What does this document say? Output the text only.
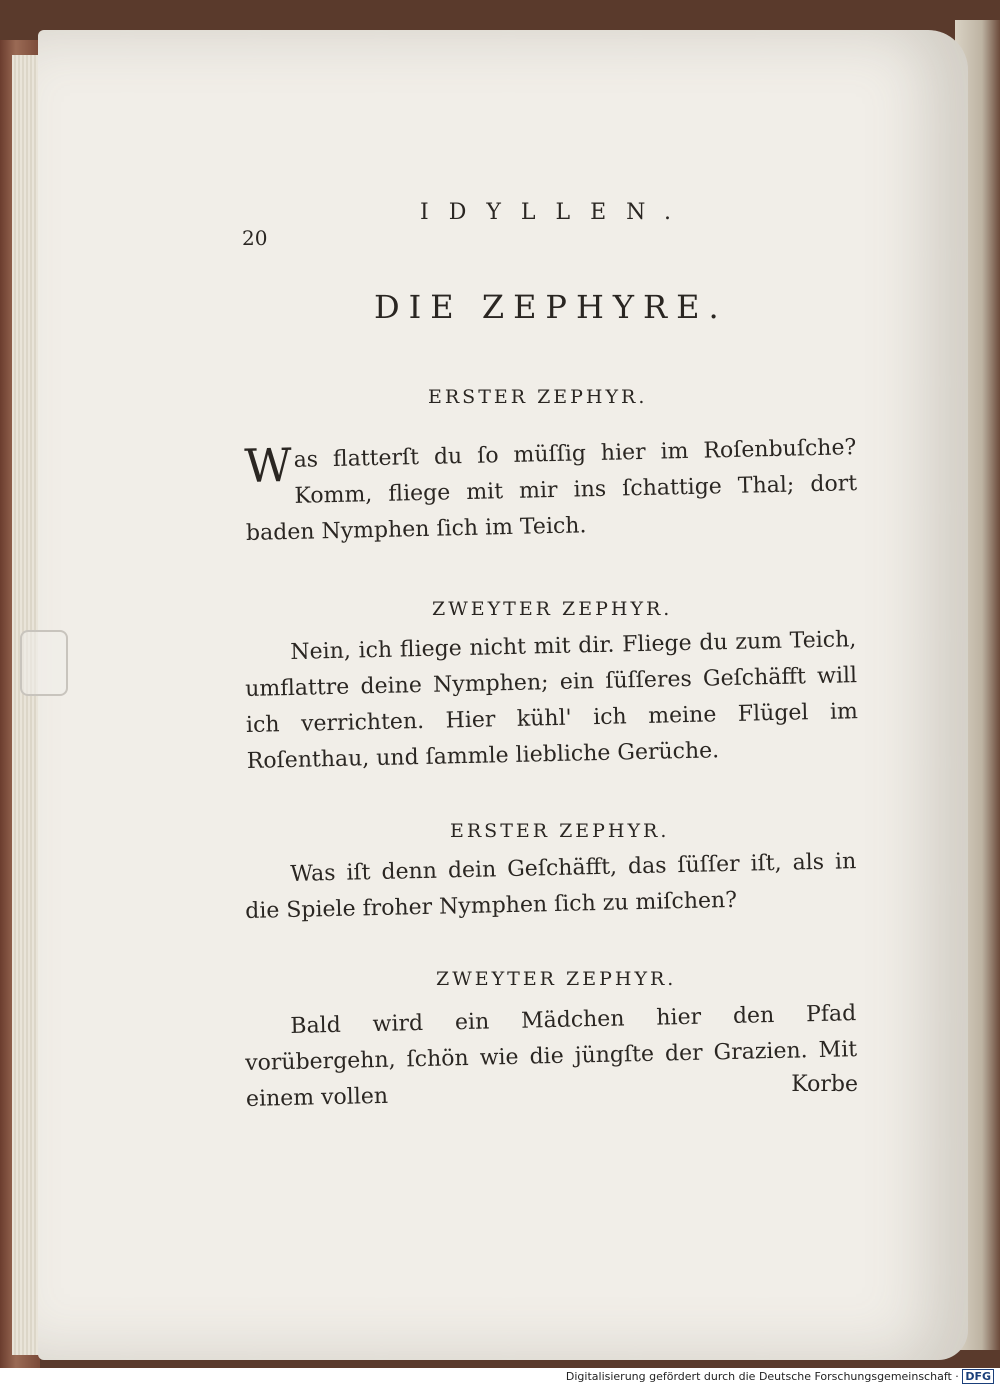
20
IDYLLEN.
DIE ZEPHYRE.
ERSTER ZEPHYR.
Was flatterſt du ſo müſſig hier im Roſenbuſche? Komm, fliege mit mir ins ſchattige Thal; dort baden Nymphen ſich im Teich.
ZWEYTER ZEPHYR.
Nein, ich fliege nicht mit dir. Fliege du zum Teich, umflattre deine Nymphen; ein ſüſſeres Geſchäfft will ich verrichten. Hier kühl' ich meine Flügel im Roſenthau, und ſammle liebliche Gerüche.
ERSTER ZEPHYR.
Was iſt denn dein Geſchäfft, das ſüſſer iſt, als in die Spiele froher Nymphen ſich zu miſchen?
ZWEYTER ZEPHYR.
Bald wird ein Mädchen hier den Pfad vorübergehn, ſchön wie die jüngſte der Grazien. Mit einem vollen	Korbe
Digitalisierung gefördert durch die Deutsche Forschungsgemeinschaft · DFG
